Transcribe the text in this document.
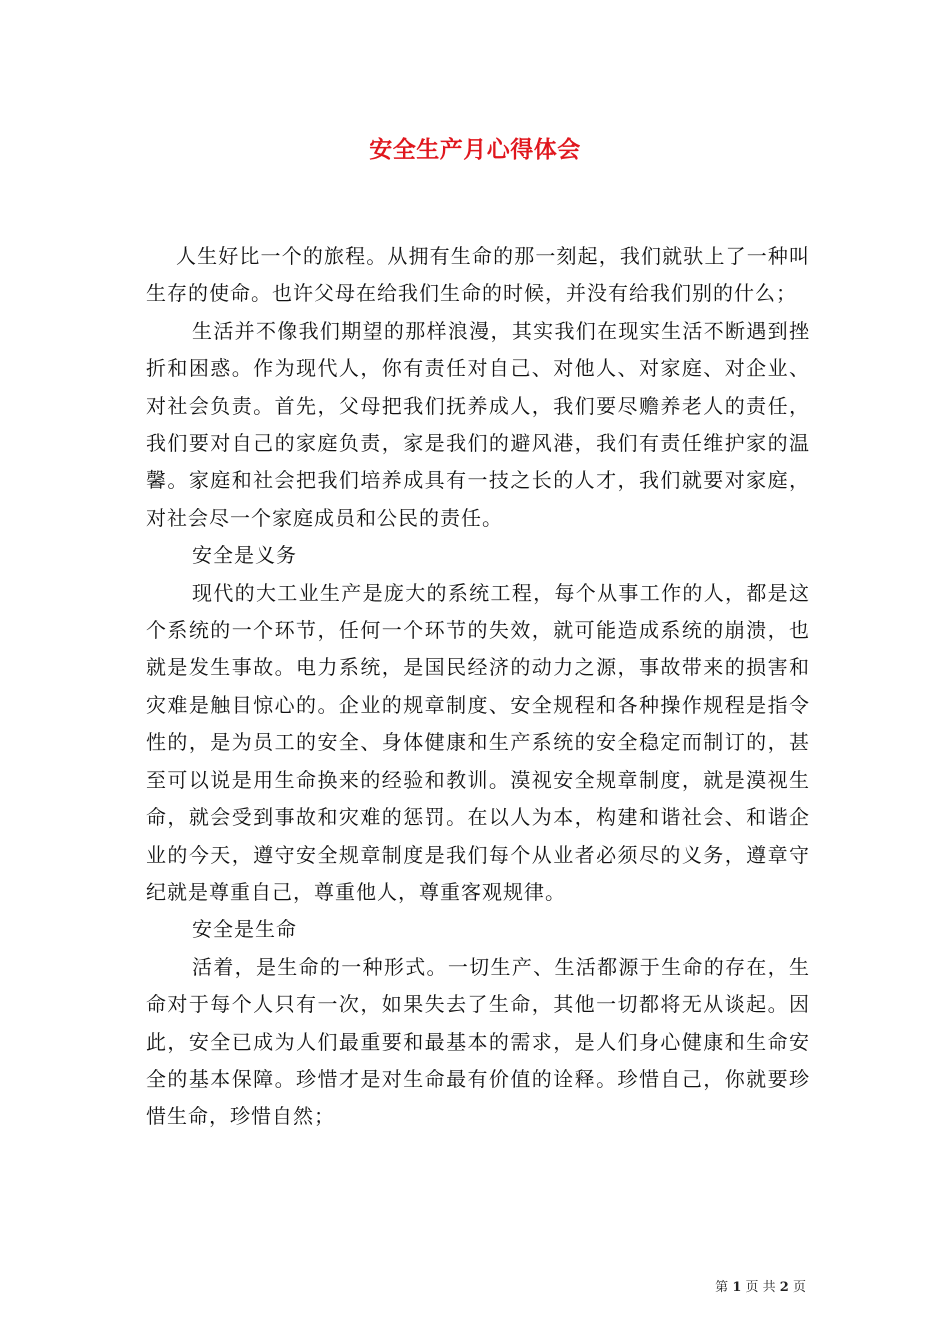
安全生产月心得体会

人生好比一个的旅程。从拥有生命的那一刻起，我们就驮上了一种叫生存的使命。也许父母在给我们生命的时候，并没有给我们别的什么；

生活并不像我们期望的那样浪漫，其实我们在现实生活不断遇到挫折和困惑。作为现代人，你有责任对自己、对他人、对家庭、对企业、对社会负责。首先，父母把我们抚养成人，我们要尽赡养老人的责任，我们要对自己的家庭负责，家是我们的避风港，我们有责任维护家的温馨。家庭和社会把我们培养成具有一技之长的人才，我们就要对家庭，对社会尽一个家庭成员和公民的责任。

安全是义务

现代的大工业生产是庞大的系统工程，每个从事工作的人，都是这个系统的一个环节，任何一个环节的失效，就可能造成系统的崩溃，也就是发生事故。电力系统，是国民经济的动力之源，事故带来的损害和灾难是触目惊心的。企业的规章制度、安全规程和各种操作规程是指令性的，是为员工的安全、身体健康和生产系统的安全稳定而制订的，甚至可以说是用生命换来的经验和教训。漠视安全规章制度，就是漠视生命，就会受到事故和灾难的惩罚。在以人为本，构建和谐社会、和谐企业的今天，遵守安全规章制度是我们每个从业者必须尽的义务，遵章守纪就是尊重自己，尊重他人，尊重客观规律。

安全是生命

活着，是生命的一种形式。一切生产、生活都源于生命的存在，生命对于每个人只有一次，如果失去了生命，其他一切都将无从谈起。因此，安全已成为人们最重要和最基本的需求，是人们身心健康和生命安全的基本保障。珍惜才是对生命最有价值的诠释。珍惜自己，你就要珍惜生命，珍惜自然；

第 1 页 共 2 页
